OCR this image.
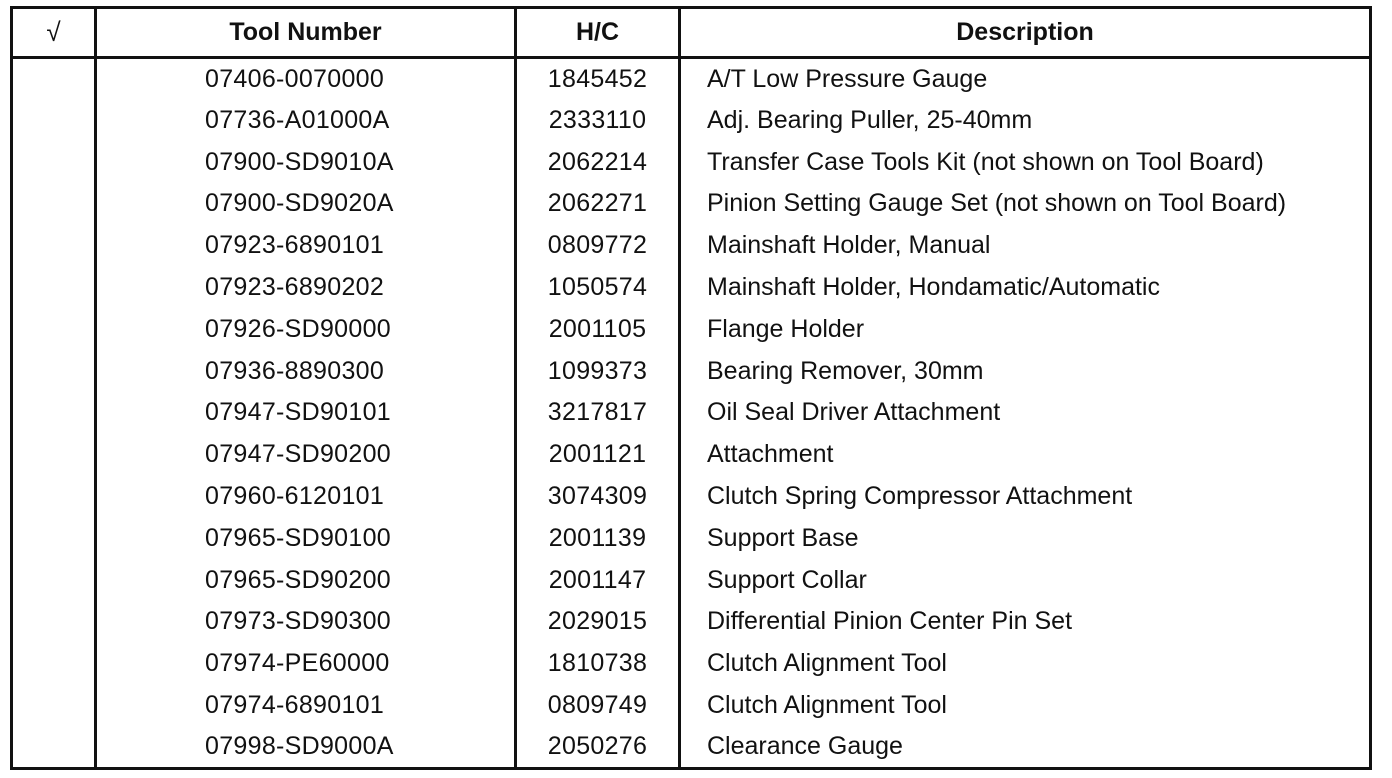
√	Tool Number	H/C	Description
	07406-0070000	1845452	A/T Low Pressure Gauge
	07736-A01000A	2333110	Adj. Bearing Puller, 25-40mm
	07900-SD9010A	2062214	Transfer Case Tools Kit (not shown on Tool Board)
	07900-SD9020A	2062271	Pinion Setting Gauge Set (not shown on Tool Board)
	07923-6890101	0809772	Mainshaft Holder, Manual
	07923-6890202	1050574	Mainshaft Holder, Hondamatic/Automatic
	07926-SD90000	2001105	Flange Holder
	07936-8890300	1099373	Bearing Remover, 30mm
	07947-SD90101	3217817	Oil Seal Driver Attachment
	07947-SD90200	2001121	Attachment
	07960-6120101	3074309	Clutch Spring Compressor Attachment
	07965-SD90100	2001139	Support Base
	07965-SD90200	2001147	Support Collar
	07973-SD90300	2029015	Differential Pinion Center Pin Set
	07974-PE60000	1810738	Clutch Alignment Tool
	07974-6890101	0809749	Clutch Alignment Tool
	07998-SD9000A	2050276	Clearance Gauge
